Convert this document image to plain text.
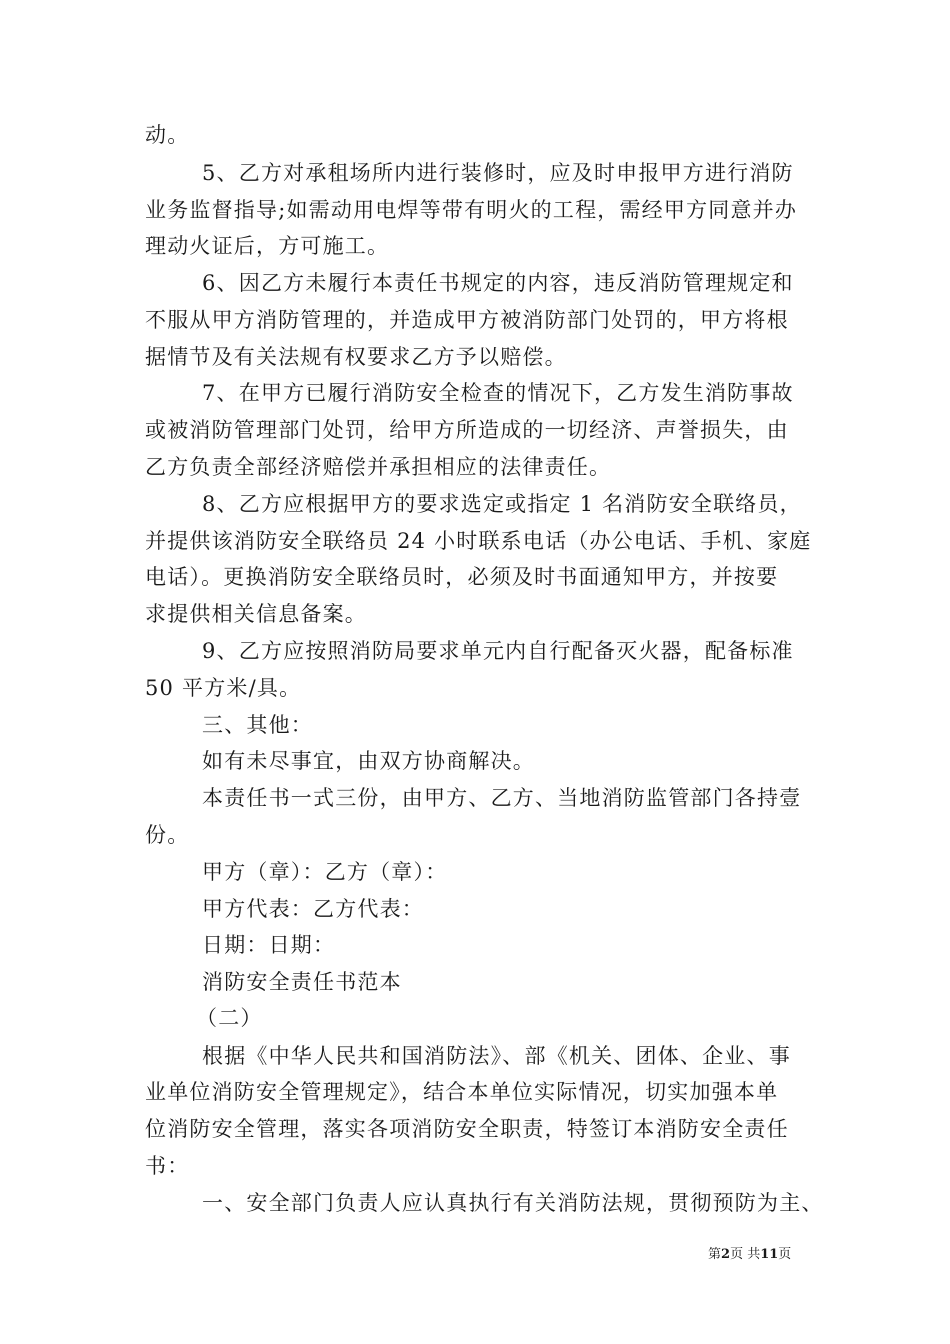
动。
5、乙方对承租场所内进行装修时，应及时申报甲方进行消防
业务监督指导;如需动用电焊等带有明火的工程，需经甲方同意并办
理动火证后，方可施工。
6、因乙方未履行本责任书规定的内容，违反消防管理规定和
不服从甲方消防管理的，并造成甲方被消防部门处罚的，甲方将根
据情节及有关法规有权要求乙方予以赔偿。
7、在甲方已履行消防安全检查的情况下，乙方发生消防事故
或被消防管理部门处罚，给甲方所造成的一切经济、声誉损失，由
乙方负责全部经济赔偿并承担相应的法律责任。
8、乙方应根据甲方的要求选定或指定 1 名消防安全联络员，
并提供该消防安全联络员 24 小时联系电话（办公电话、手机、家庭
电话）。更换消防安全联络员时，必须及时书面通知甲方，并按要
求提供相关信息备案。
9、乙方应按照消防局要求单元内自行配备灭火器，配备标准
50 平方米/具。
三、其他：
如有未尽事宜，由双方协商解决。
本责任书一式三份，由甲方、乙方、当地消防监管部门各持壹
份。
甲方（章）：乙方（章）：
甲方代表：乙方代表：
日期：日期：
消防安全责任书范本
（二）
根据《中华人民共和国消防法》、部《机关、团体、企业、事
业单位消防安全管理规定》，结合本单位实际情况，切实加强本单
位消防安全管理，落实各项消防安全职责，特签订本消防安全责任
书：
一、安全部门负责人应认真执行有关消防法规，贯彻预防为主、
第2页 共11页
